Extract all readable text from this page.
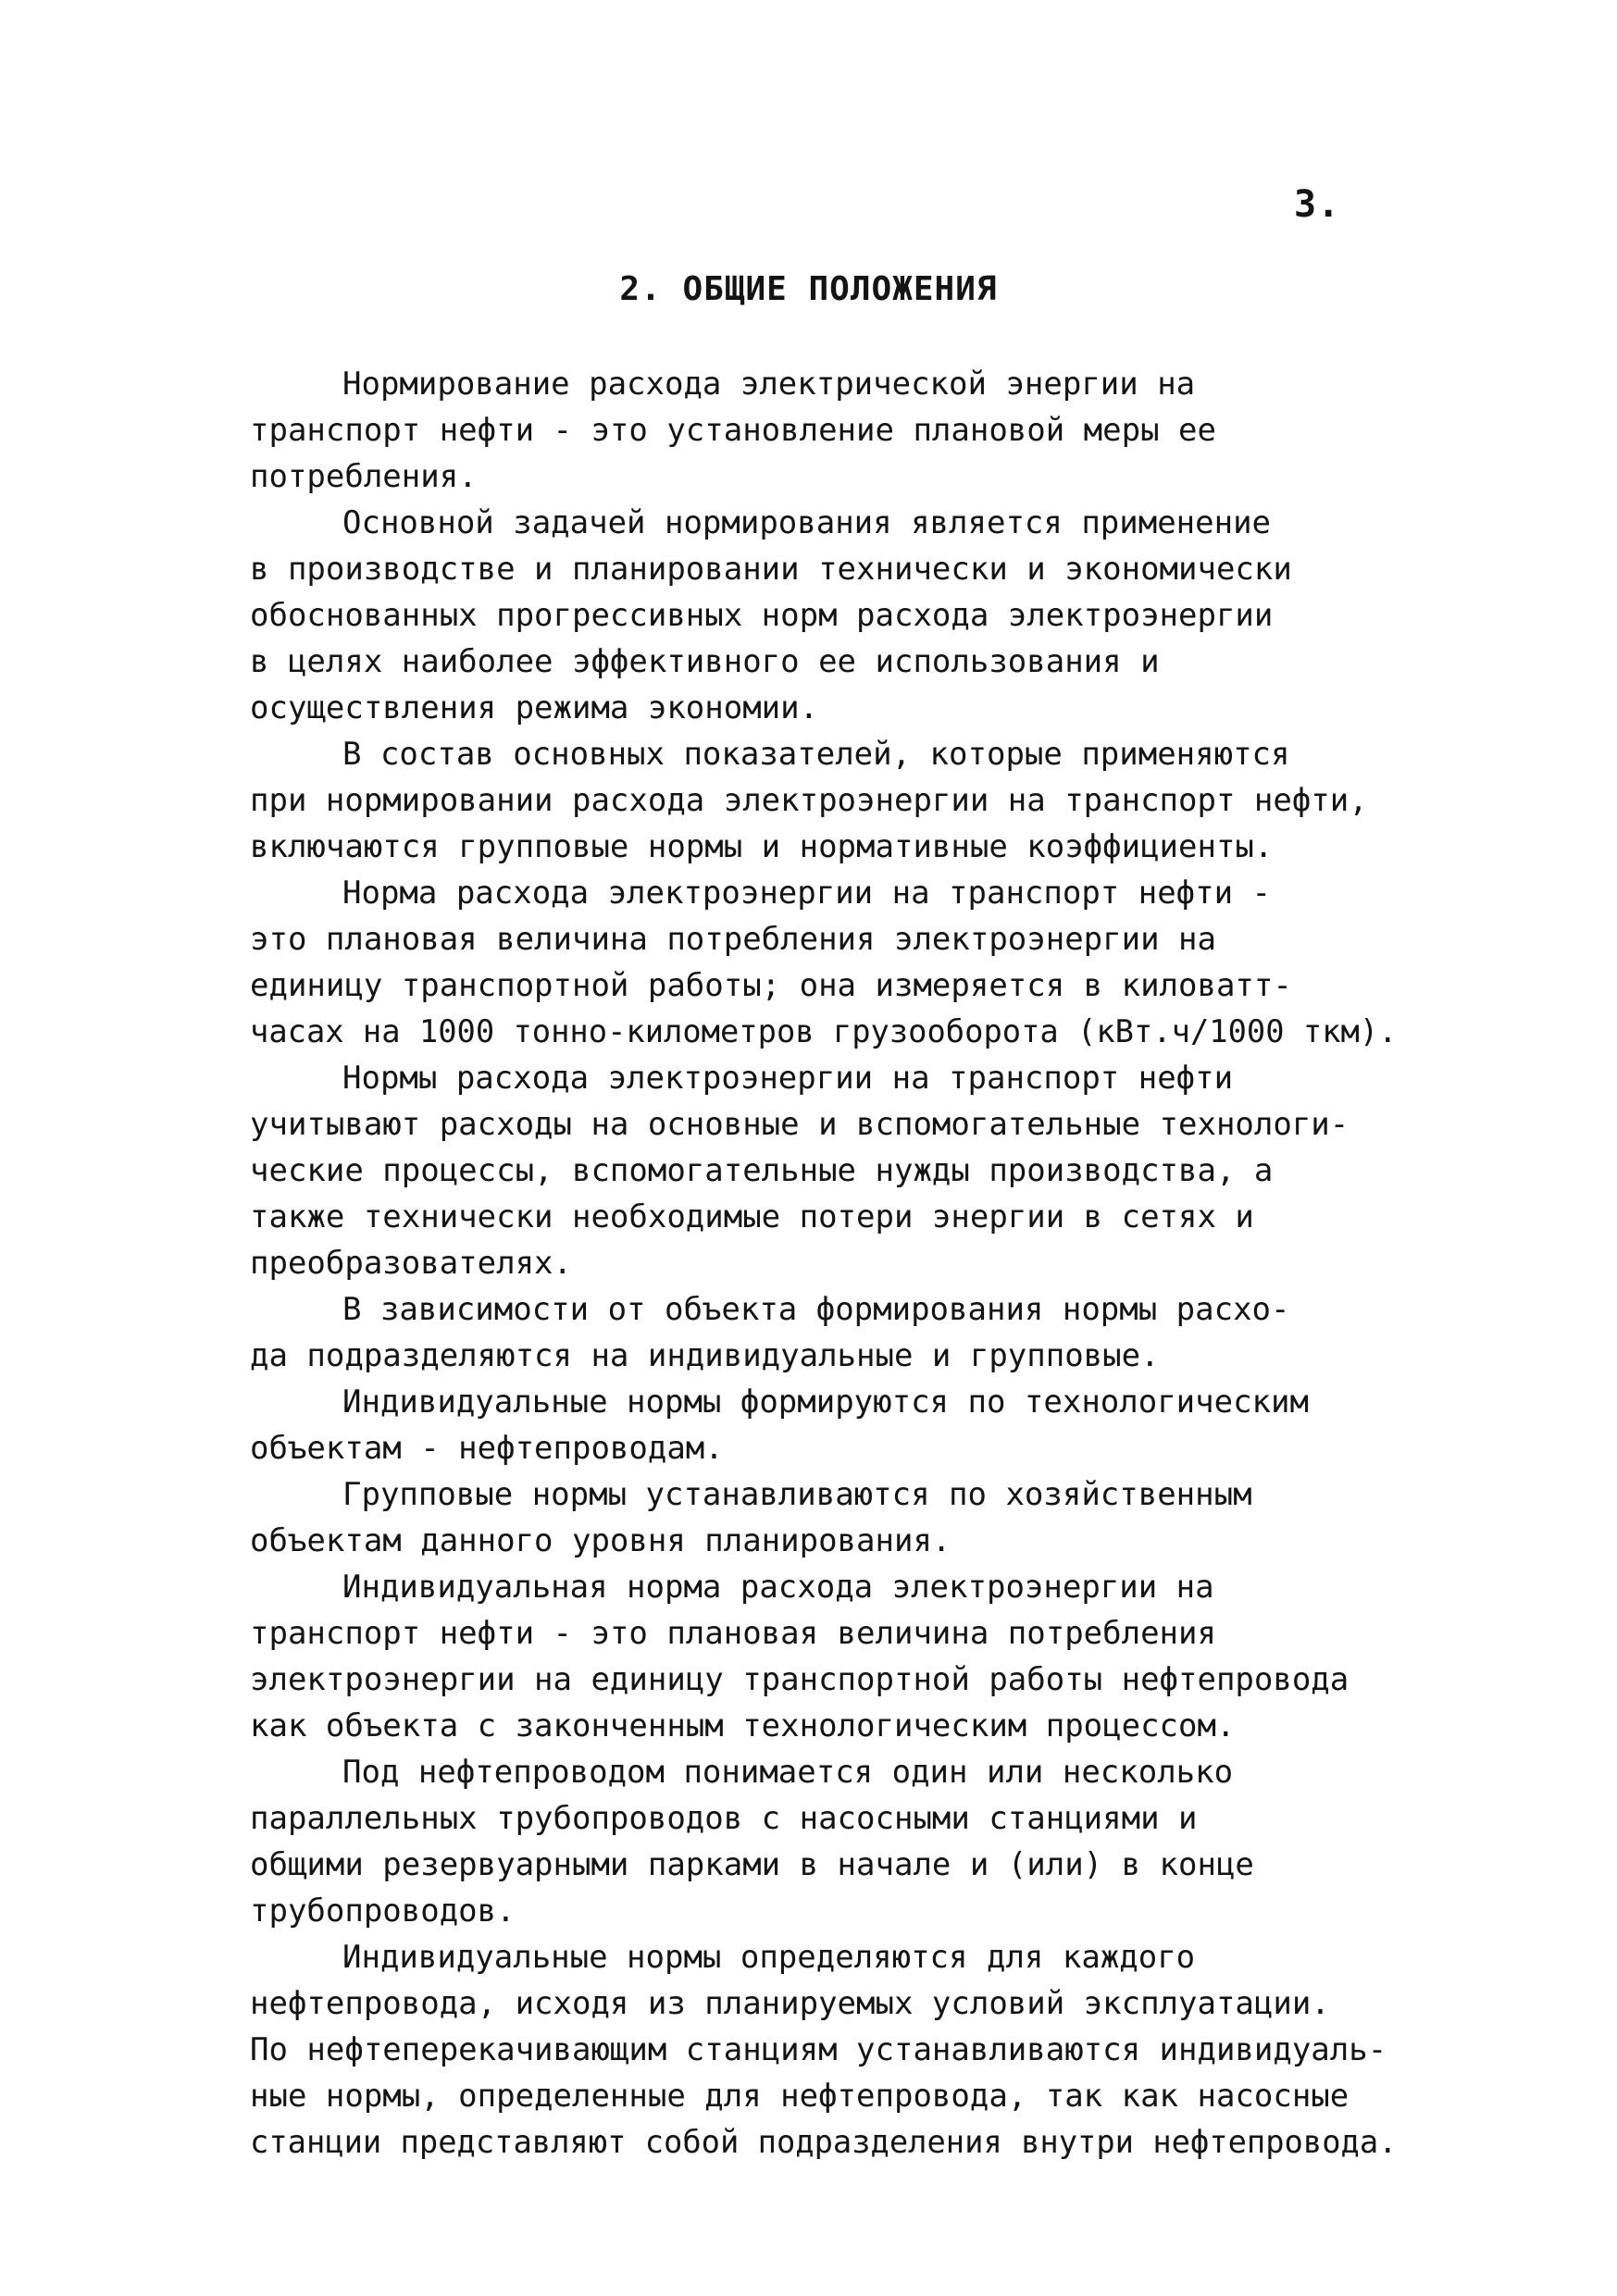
3.
2. ОБЩИЕ ПОЛОЖЕНИЯ
Нормирование расхода электрической энергии на
транспорт нефти - это установление плановой меры ее
потребления.
Основной задачей нормирования является применение
в производстве и планировании технически и экономически
обоснованных прогрессивных норм расхода электроэнергии
в целях наиболее эффективного ее использования и
осуществления режима экономии.
В состав основных показателей, которые применяются
при нормировании расхода электроэнергии на транспорт нефти,
включаются групповые нормы и нормативные коэффициенты.
Норма расхода электроэнергии на транспорт нефти -
это плановая величина потребления электроэнергии на
единицу транспортной работы; она измеряется в киловатт-
часах на 1000 тонно-километров грузооборота (кВт.ч/1000 ткм).
Нормы расхода электроэнергии на транспорт нефти
учитывают расходы на основные и вспомогательные технологи-
ческие процессы, вспомогательные нужды производства, а
также технически необходимые потери энергии в сетях и
преобразователях.
В зависимости от объекта формирования нормы расхо-
да подразделяются на индивидуальные и групповые.
Индивидуальные нормы формируются по технологическим
объектам - нефтепроводам.
Групповые нормы устанавливаются по хозяйственным
объектам данного уровня планирования.
Индивидуальная норма расхода электроэнергии на
транспорт нефти - это плановая величина потребления
электроэнергии на единицу транспортной работы нефтепровода
как объекта с законченным технологическим процессом.
Под нефтепроводом понимается один или несколько
параллельных трубопроводов с насосными станциями и
общими резервуарными парками в начале и (или) в конце
трубопроводов.
Индивидуальные нормы определяются для каждого
нефтепровода, исходя из планируемых условий эксплуатации.
По нефтеперекачивающим станциям устанавливаются индивидуаль-
ные нормы, определенные для нефтепровода, так как насосные
станции представляют собой подразделения внутри нефтепровода.
